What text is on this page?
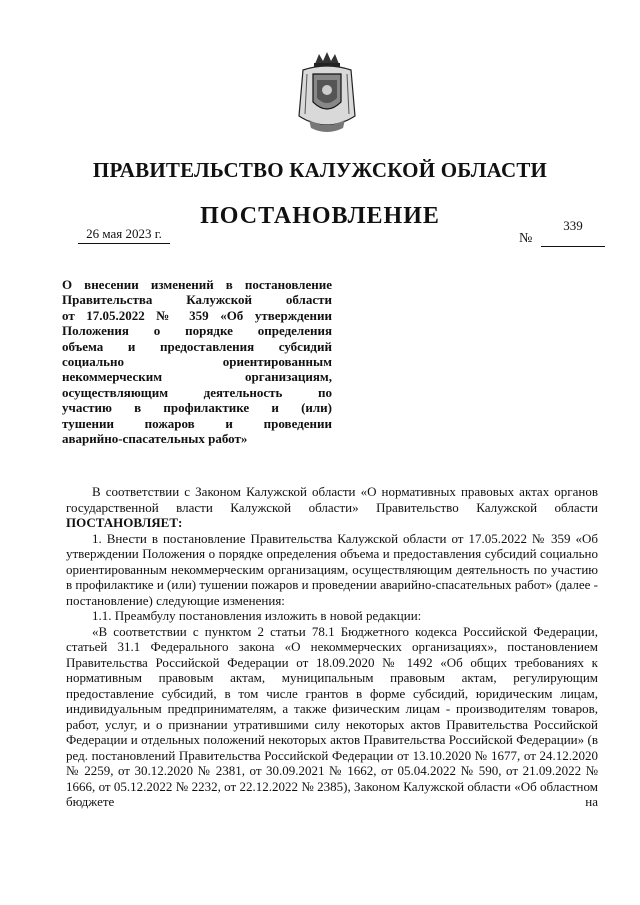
ПРАВИТЕЛЬСТВО КАЛУЖСКОЙ ОБЛАСТИ
ПОСТАНОВЛЕНИЕ
26 мая 2023 г.	№
339
О внесении изменений в постановление
Правительства Калужской области
от 17.05.2022 № 359 «Об утверждении
Положения о порядке определения
объема и предоставления субсидий
социально ориентированным
некоммерческим организациям,
осуществляющим деятельность по
участию в профилактике и (или)
тушении пожаров и проведении
аварийно-спасательных работ»

В соответствии с Законом Калужской области «О нормативных правовых актах органов государственной власти Калужской области» Правительство Калужской области ПОСТАНОВЛЯЕТ:

1. Внести в постановление Правительства Калужской области от 17.05.2022 № 359 «Об утверждении Положения о порядке определения объема и предоставления субсидий социально ориентированным некоммерческим организациям, осуществляющим деятельность по участию в профилактике и (или) тушении пожаров и проведении аварийно-спасательных работ» (далее - постановление) следующие изменения:

1.1. Преамбулу постановления изложить в новой редакции:

«В соответствии с пунктом 2 статьи 78.1 Бюджетного кодекса Российской Федерации, статьей 31.1 Федерального закона «О некоммерческих организациях», постановлением Правительства Российской Федерации от 18.09.2020 № 1492 «Об общих требованиях к нормативным правовым актам, муниципальным правовым актам, регулирующим предоставление субсидий, в том числе грантов в форме субсидий, юридическим лицам, индивидуальным предпринимателям, а также физическим лицам - производителям товаров, работ, услуг, и о признании утратившими силу некоторых актов Правительства Российской Федерации и отдельных положений некоторых актов Правительства Российской Федерации» (в ред. постановлений Правительства Российской Федерации от 13.10.2020 № 1677, от 24.12.2020 № 2259, от 30.12.2020 № 2381, от 30.09.2021 № 1662, от 05.04.2022 № 590, от 21.09.2022 № 1666, от 05.12.2022 № 2232, от 22.12.2022 № 2385), Законом Калужской области «Об областном бюджете на
